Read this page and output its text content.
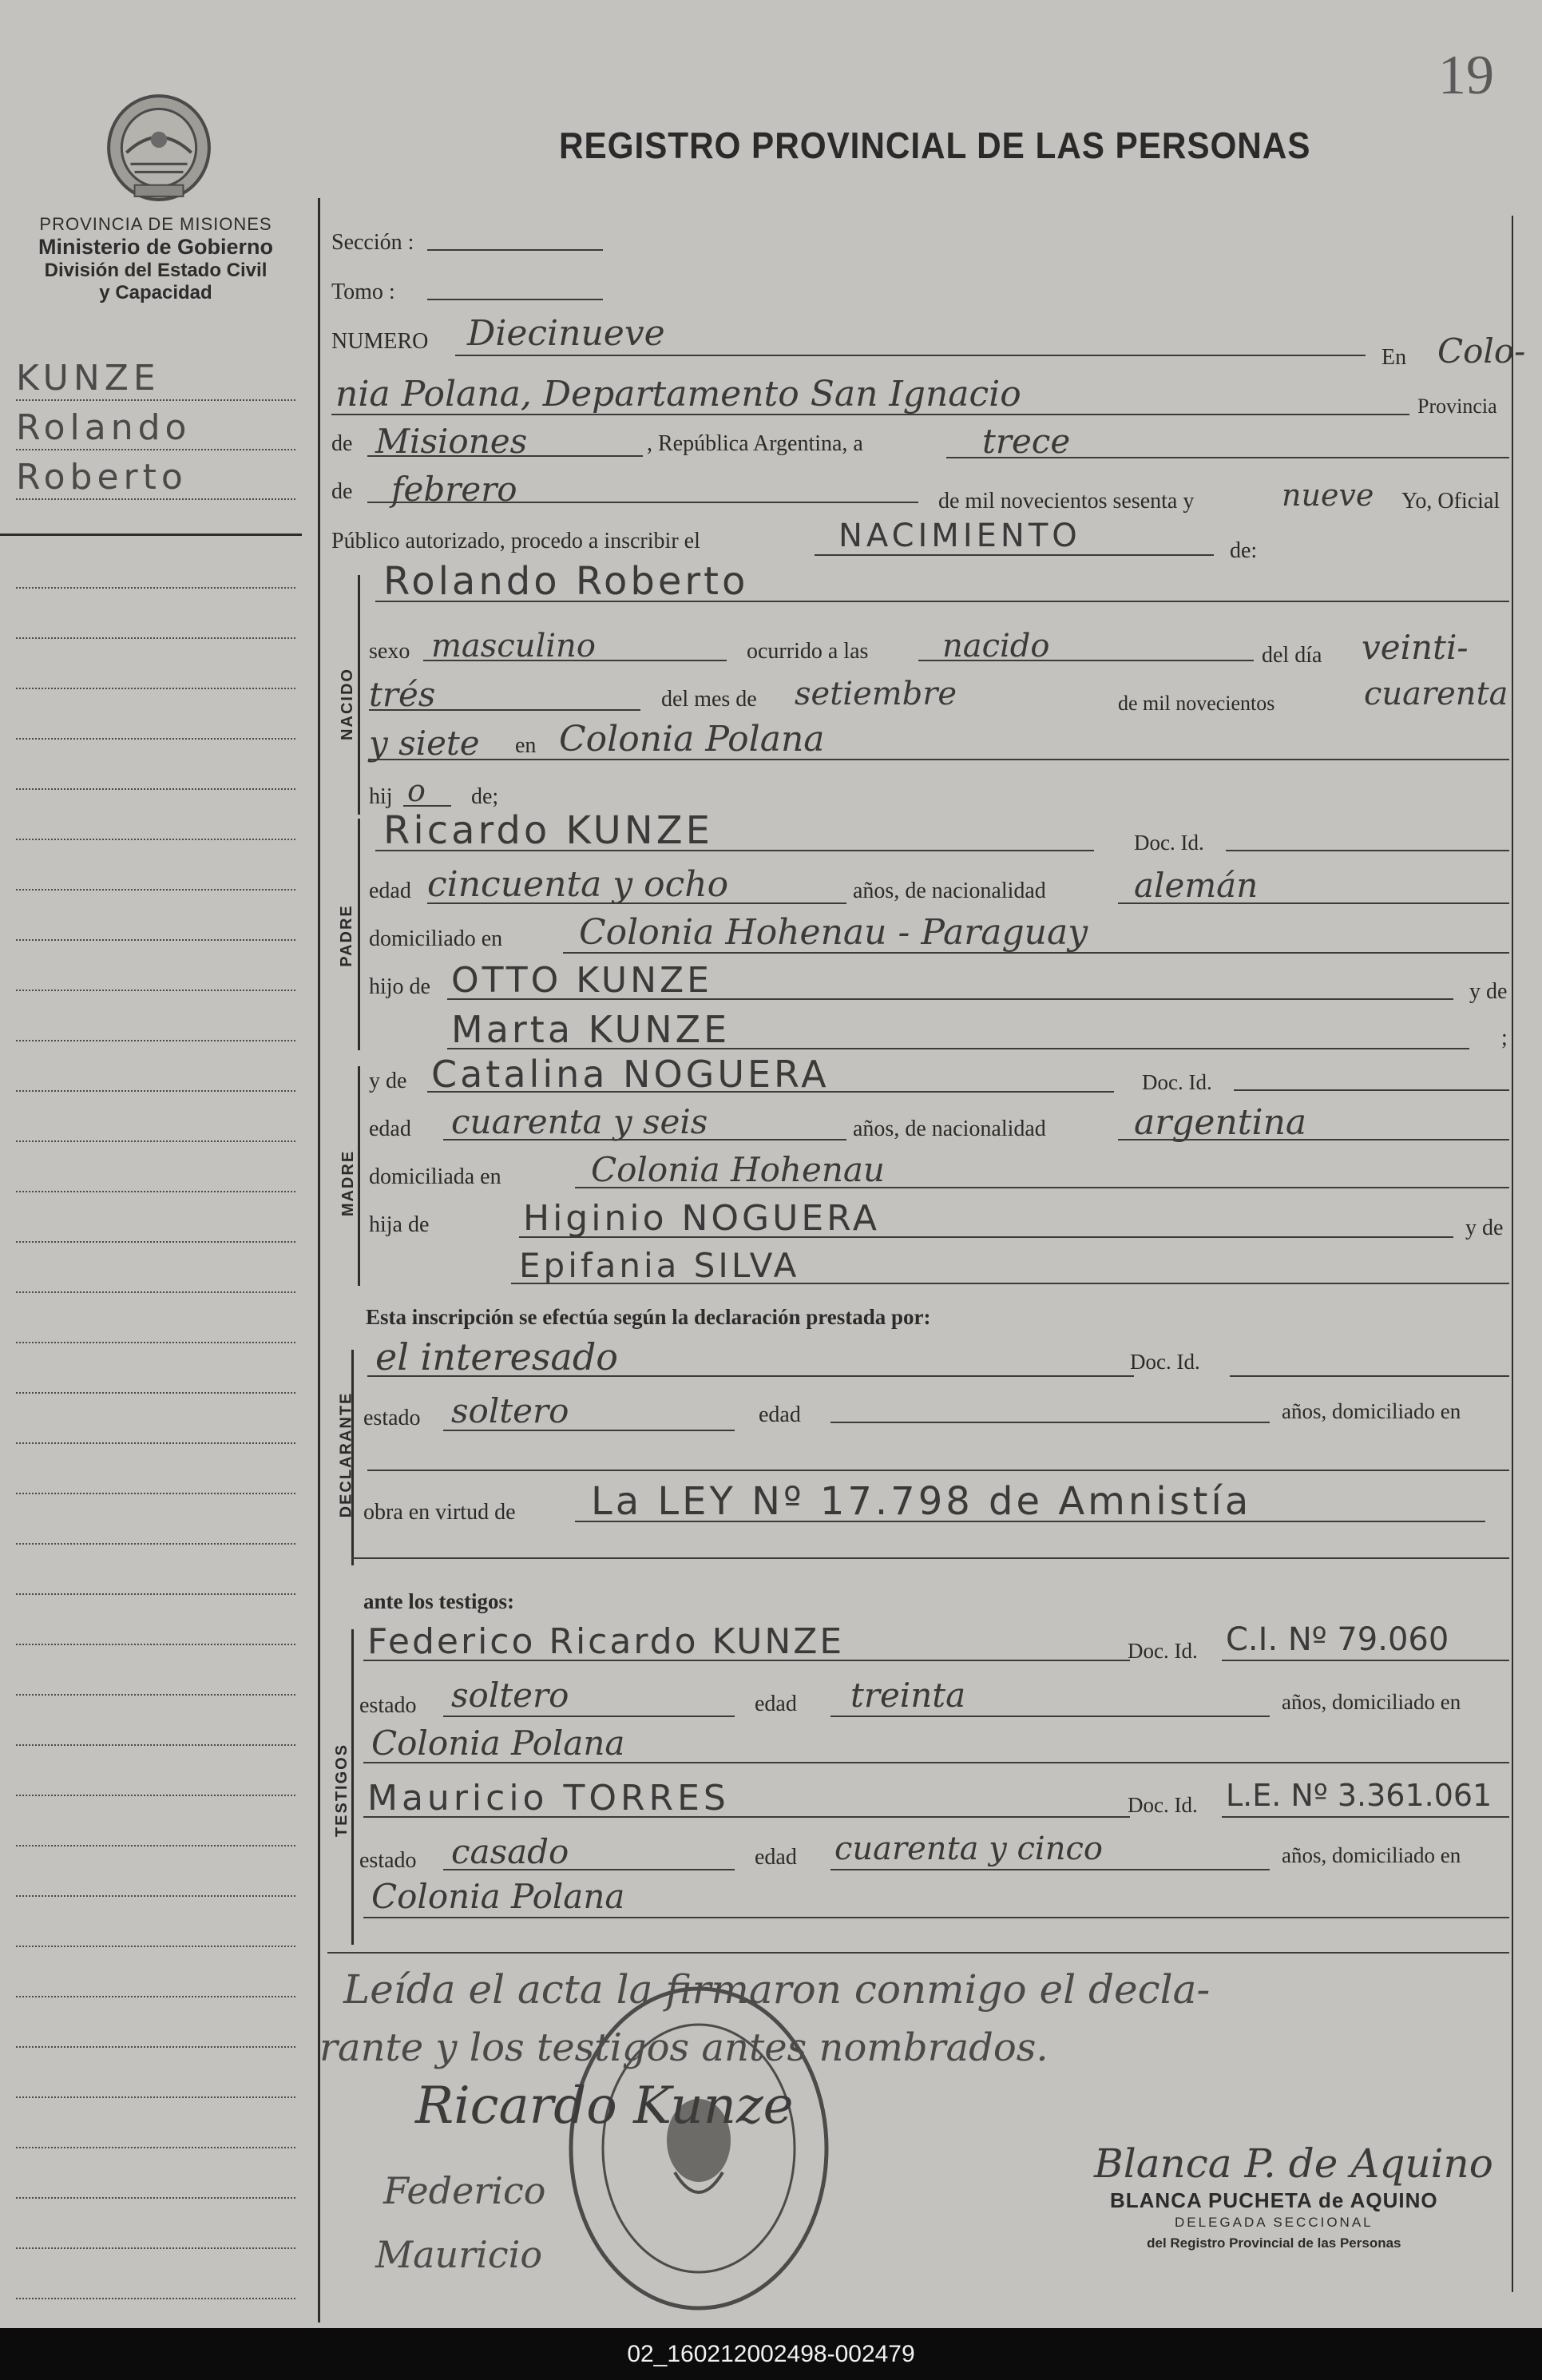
19
REGISTRO PROVINCIAL DE LAS PERSONAS
PROVINCIA DE MISIONES
Ministerio de Gobierno
División del Estado Civil
y Capacidad
KUNZE
Rolando
Roberto
Sección :
Tomo :
NUMERO Diecinueve
En Colo-
nia Polana, Departamento San Ignacio	Provincia
de Misiones	, República Argentina, a	trece
de febrero	de mil novecientos sesenta y	nueve Yo, Oficial
Público autorizado, procedo a inscribir el	NACIMIENTO	de:
NACIDO
Rolando Roberto
sexo masculino	ocurrido a las nacido	del día veinti-
trés	del mes de setiembre	de mil novecientos	cuarenta
y siete en Colonia Polana
hij o de;
PADRE
Ricardo KUNZE	Doc. Id.
edad cincuenta y ocho	años, de nacionalidad	alemán
domiciliado en Colonia Hohenau - Paraguay
hijo de OTTO KUNZE	y de
Marta KUNZE	;
MADRE
y de Catalina NOGUERA	Doc. Id.
edad cuarenta y seis	años, de nacionalidad	argentina
domiciliada en	Colonia Hohenau
hija de	Higinio NOGUERA	y de
Epifania SILVA
Esta inscripción se efectúa según la declaración prestada por:
DECLARANTE
el interesado	Doc. Id.
estado soltero	edad	años, domiciliado en
obra en virtud de La LEY Nº 17.798 de Amnistía
ante los testigos:
TESTIGOS
Federico Ricardo KUNZE	Doc. Id. C.I. Nº 79.060
estado soltero	edad treinta	años, domiciliado en
Colonia Polana
Mauricio TORRES	Doc. Id. L.E. Nº 3.361.061
estado casado	edad cuarenta y cinco	años, domiciliado en
Colonia Polana
Leída el acta la firmaron conmigo el decla-
rante y los testigos antes nombrados.
Ricardo Kunze
Federico
Mauricio
Blanca P. de Aquino
BLANCA PUCHETA de AQUINO
DELEGADA SECCIONAL
del Registro Provincial de las Personas
02_160212002498-002479
